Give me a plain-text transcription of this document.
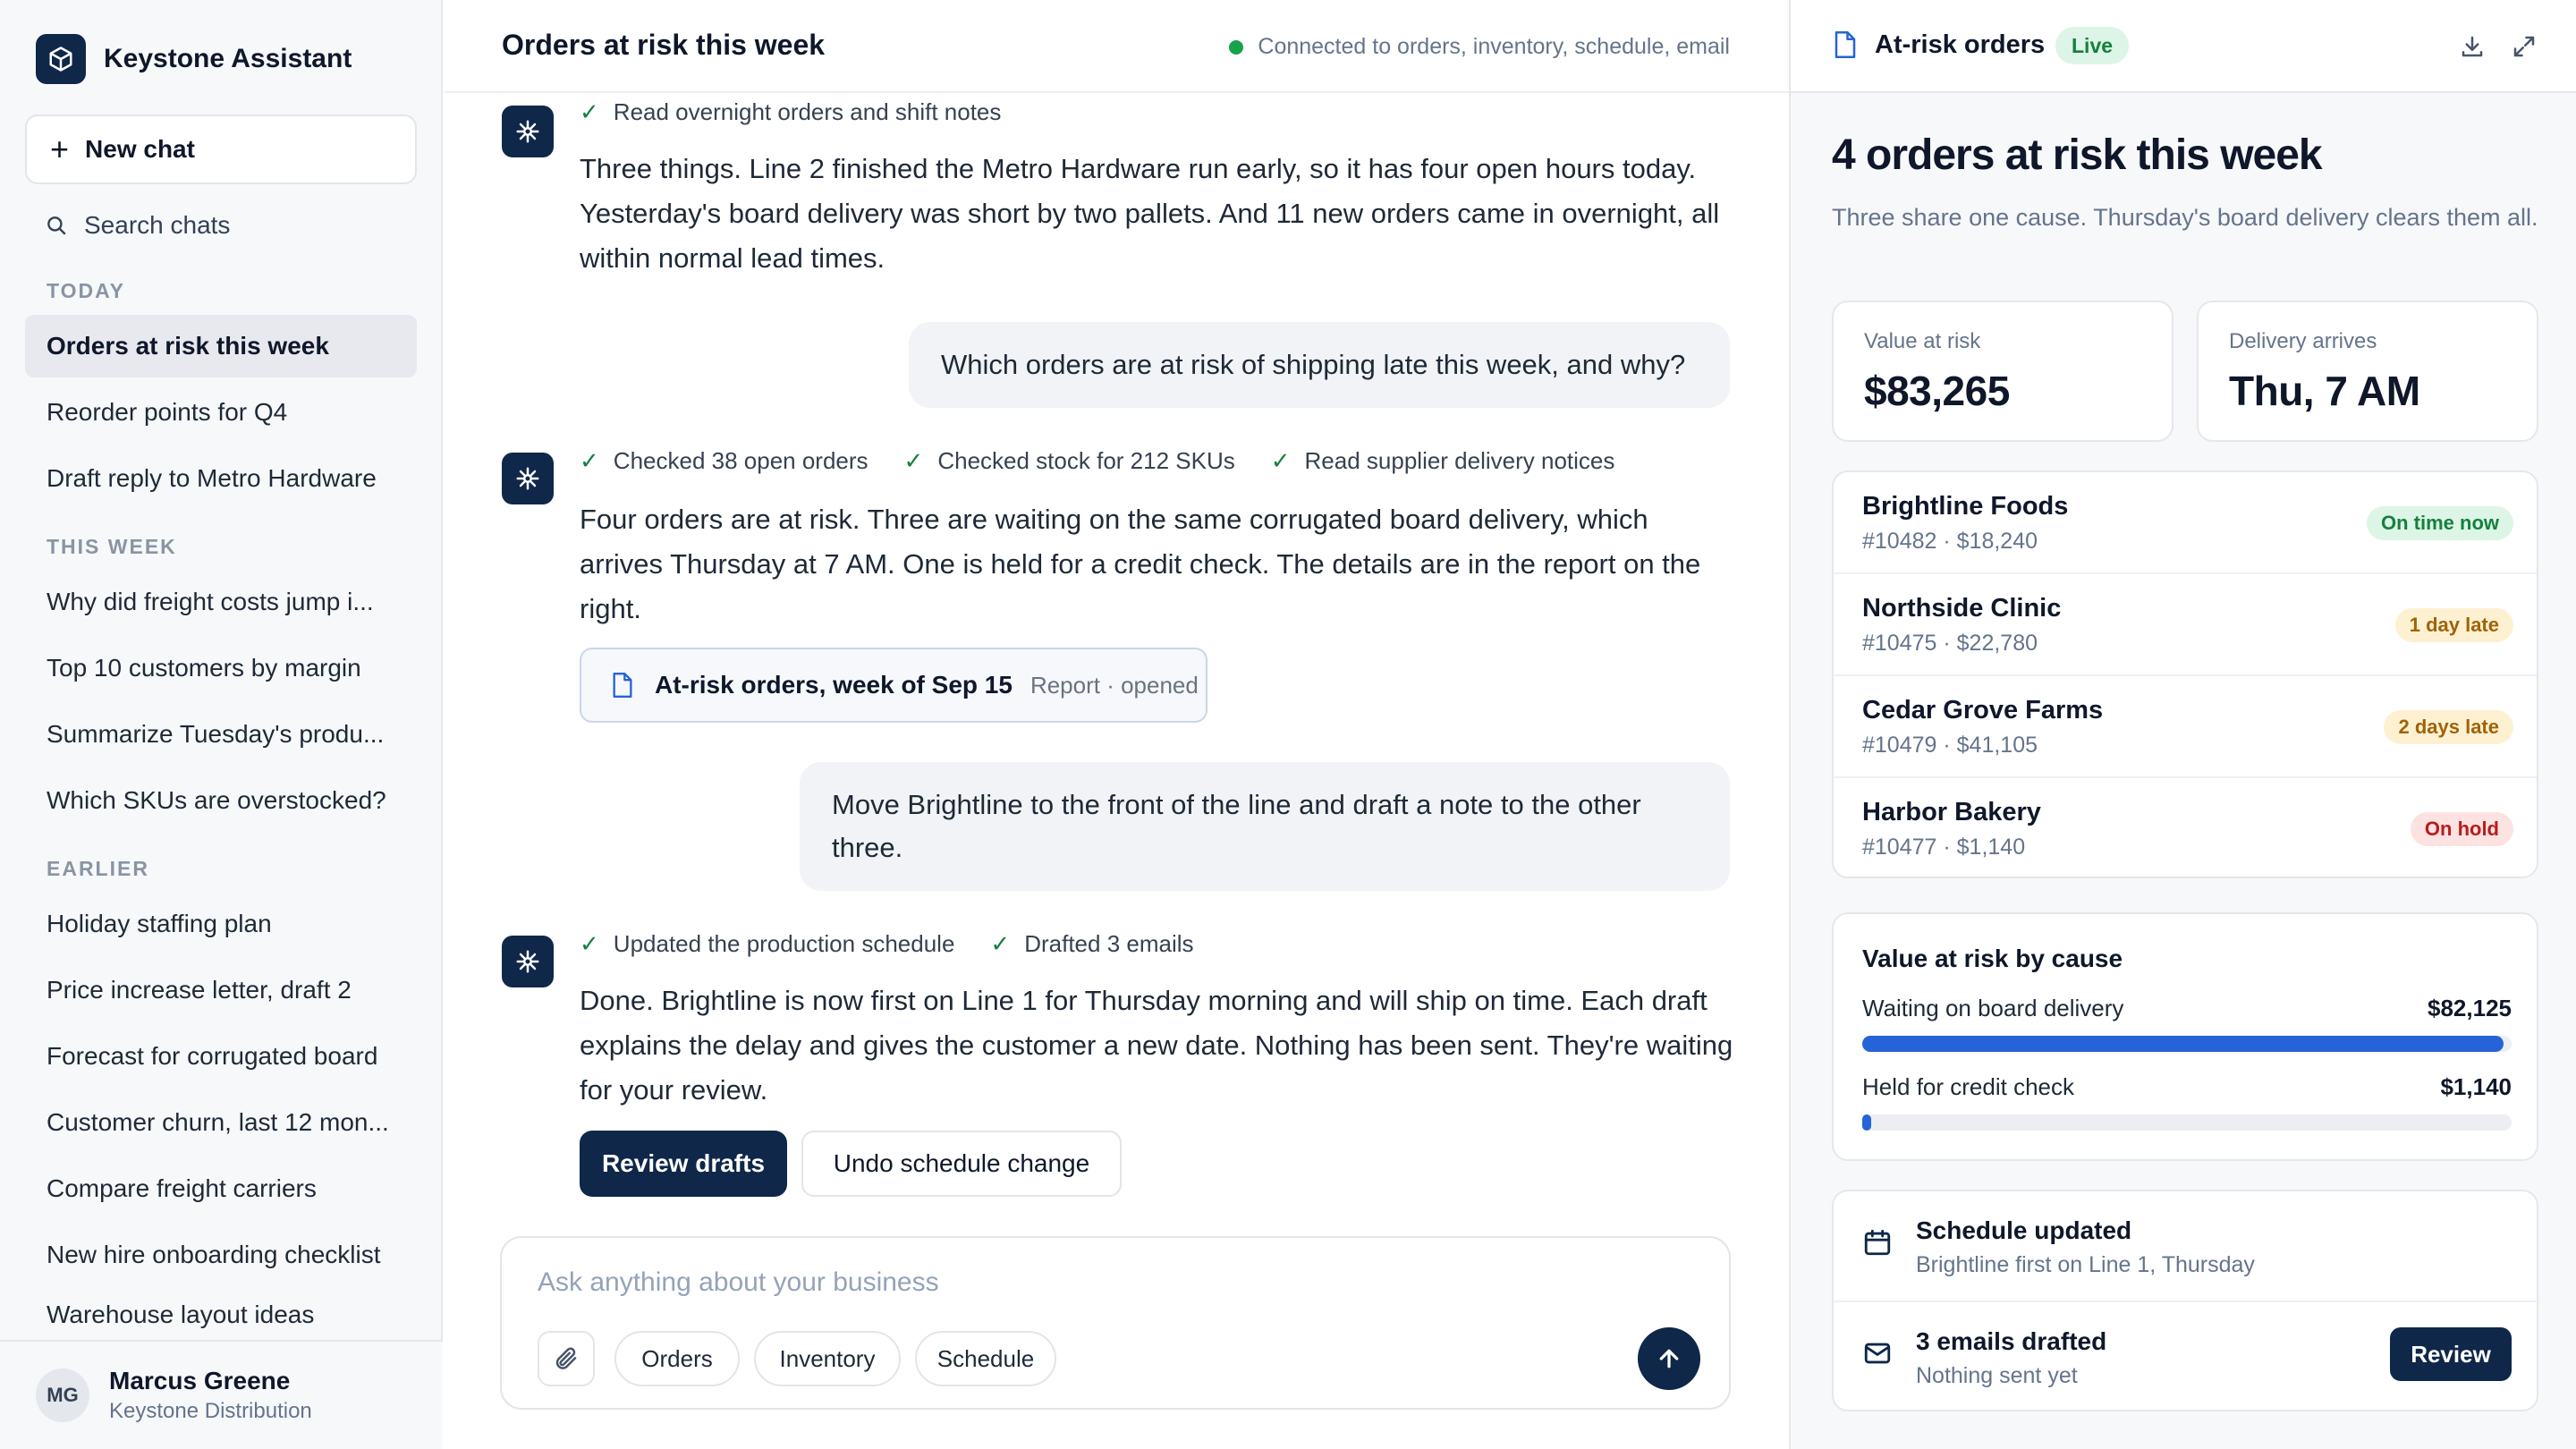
Keystone Assistant
+ New chat
Search chats
TODAY
Orders at risk this week
Reorder points for Q4
Draft reply to Metro Hardware
THIS WEEK
Why did freight costs jump i...
Top 10 customers by margin
Summarize Tuesday's produ...
Which SKUs are overstocked?
EARLIER
Holiday staffing plan
Price increase letter, draft 2
Forecast for corrugated board
Customer churn, last 12 mon...
Compare freight carriers
New hire onboarding checklist
Warehouse layout ideas
MG
Marcus Greene
Keystone Distribution
Orders at risk this week	Connected to orders, inventory, schedule, email
✓ Read overnight orders and shift notes
Three things. Line 2 finished the Metro Hardware run early, so it has four open hours today. Yesterday's board delivery was short by two pallets. And 11 new orders came in overnight, all within normal lead times.
Which orders are at risk of shipping late this week, and why?
✓ Checked 38 open orders ✓ Checked stock for 212 SKUs ✓ Read supplier delivery notices
Four orders are at risk. Three are waiting on the same corrugated board delivery, which arrives Thursday at 7 AM. One is held for a credit check. The details are in the report on the right.
At-risk orders, week of Sep 15 Report · opened
Move Brightline to the front of the line and draft a note to the other three.
✓ Updated the production schedule ✓ Drafted 3 emails
Done. Brightline is now first on Line 1 for Thursday morning and will ship on time. Each draft explains the delay and gives the customer a new date. Nothing has been sent. They're waiting for your review.
Review drafts	Undo schedule change
Ask anything about your business
Orders	Inventory	Schedule
At-risk orders	Live
4 orders at risk this week
Three share one cause. Thursday's board delivery clears them all.
Value at risk
$83,265
Delivery arrives
Thu, 7 AM
Brightline Foods
#10482 · $18,240
On time now
Northside Clinic
#10475 · $22,780
1 day late
Cedar Grove Farms
#10479 · $41,105
2 days late
Harbor Bakery
#10477 · $1,140
On hold
Value at risk by cause
Waiting on board delivery	$82,125
Held for credit check	$1,140
Schedule updated
Brightline first on Line 1, Thursday
3 emails drafted
Nothing sent yet
Review
